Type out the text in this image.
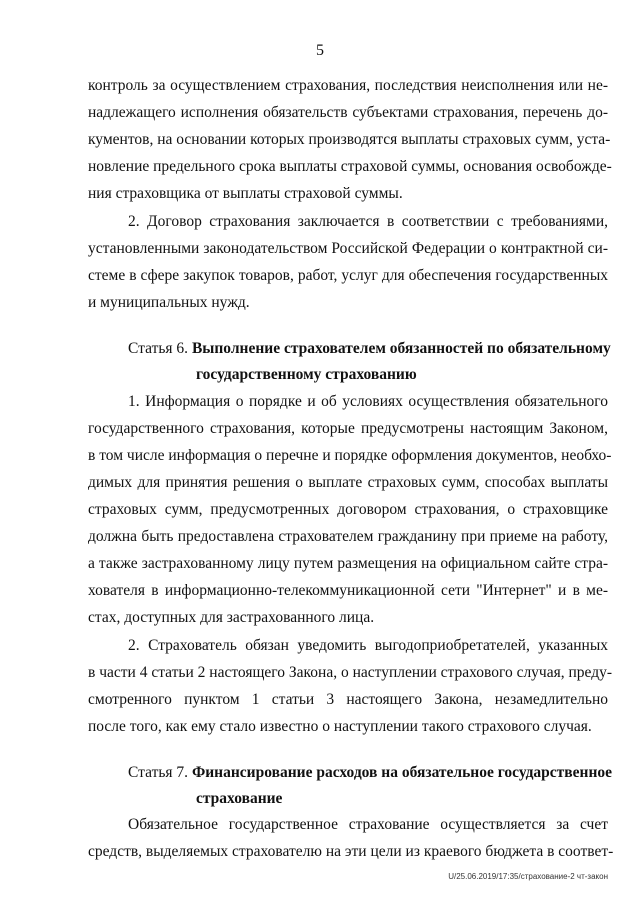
5
контроль за осуществлением страхования, последствия неисполнения или не-
надлежащего исполнения обязательств субъектами страхования, перечень до-
кументов, на основании которых производятся выплаты страховых сумм, уста-
новление предельного срока выплаты страховой суммы, основания освобожде-
ния страховщика от выплаты страховой суммы.
2. Договор страхования заключается в соответствии с требованиями,
установленными законодательством Российской Федерации о контрактной си-
стеме в сфере закупок товаров, работ, услуг для обеспечения государственных
и муниципальных нужд.
Статья 6. Выполнение страхователем обязанностей по обязательному
государственному страхованию
1. Информация о порядке и об условиях осуществления обязательного
государственного страхования, которые предусмотрены настоящим Законом,
в том числе информация о перечне и порядке оформления документов, необхо-
димых для принятия решения о выплате страховых сумм, способах выплаты
страховых сумм, предусмотренных договором страхования, о страховщике
должна быть предоставлена страхователем гражданину при приеме на работу,
а также застрахованному лицу путем размещения на официальном сайте стра-
хователя в информационно-телекоммуникационной сети "Интернет" и в ме-
стах, доступных для застрахованного лица.
2. Страхователь обязан уведомить выгодоприобретателей, указанных
в части 4 статьи 2 настоящего Закона, о наступлении страхового случая, преду-
смотренного пунктом 1 статьи 3 настоящего Закона, незамедлительно
после того, как ему стало известно о наступлении такого страхового случая.
Статья 7. Финансирование расходов на обязательное государственное
страхование
Обязательное государственное страхование осуществляется за счет
средств, выделяемых страхователю на эти цели из краевого бюджета в соответ-
U/25.06.2019/17:35/страхование-2 чт-закон
